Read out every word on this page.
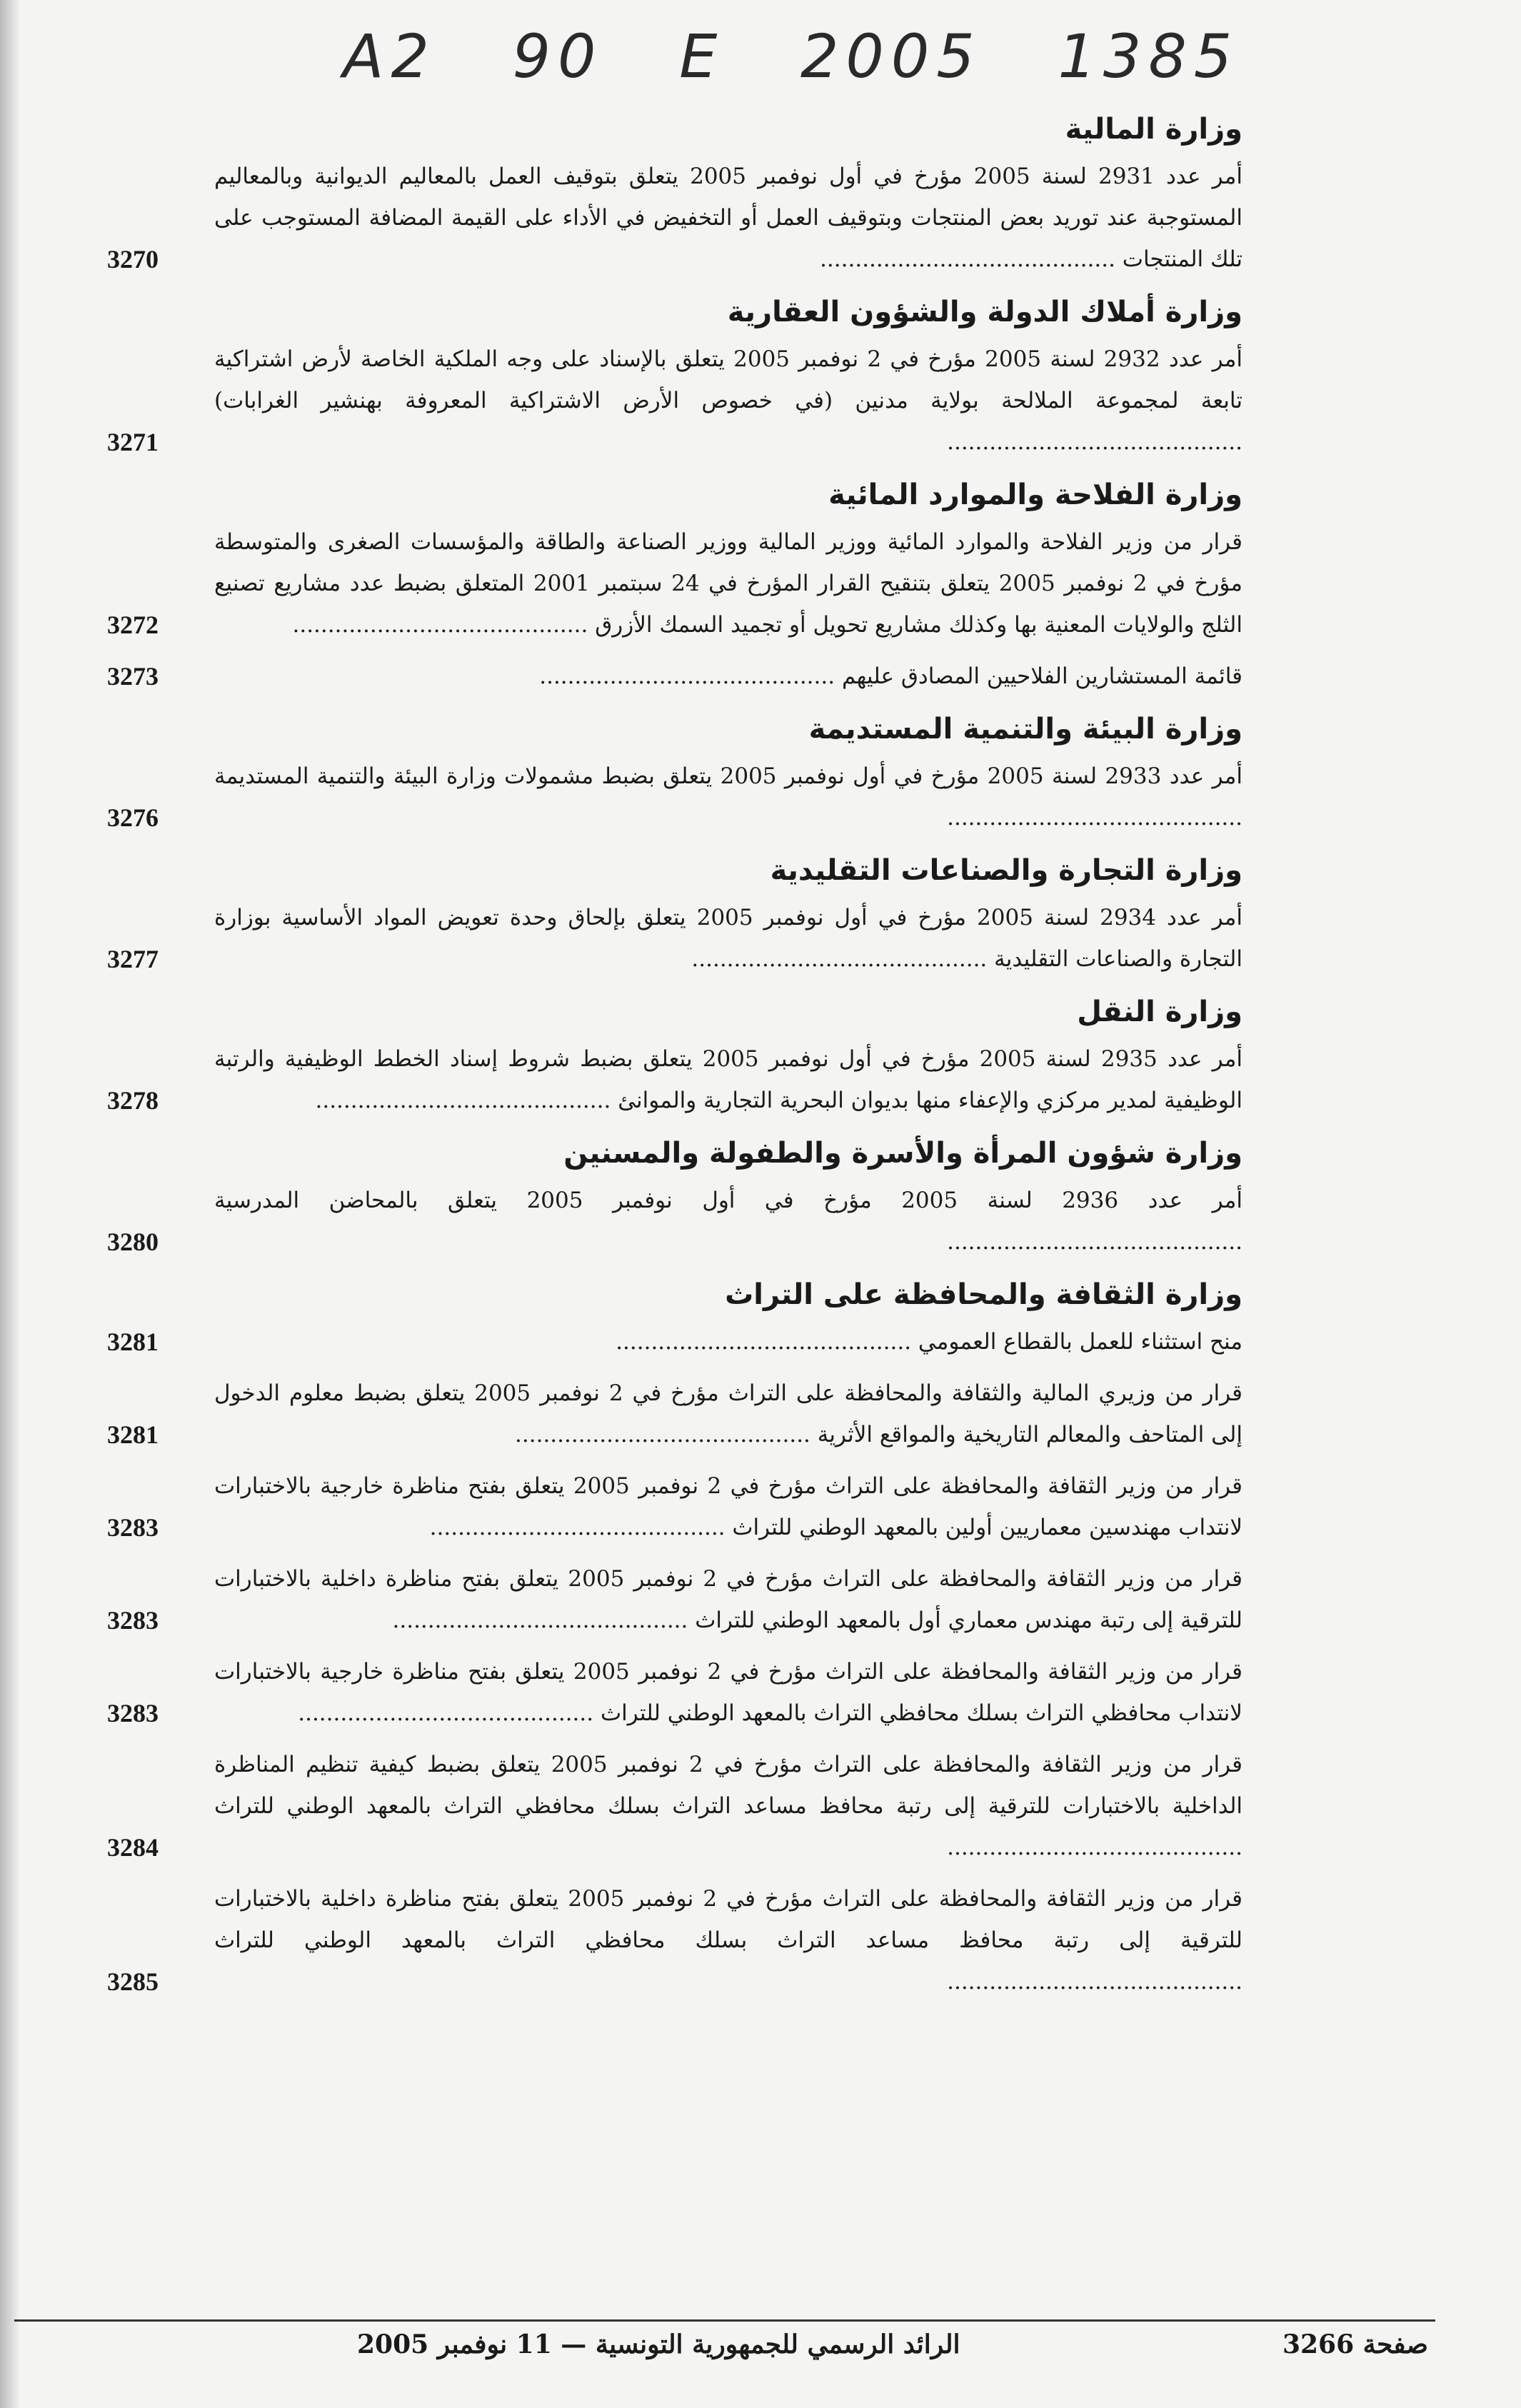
A2 90 E 2005 1385
وزارة المالية
3270
أمر عدد 2931 لسنة 2005 مؤرخ في أول نوفمبر 2005 يتعلق بتوقيف العمل بالمعاليم الديوانية وبالمعاليم المستوجبة عند توريد بعض المنتجات وبتوقيف العمل أو التخفيض في الأداء على القيمة المضافة المستوجب على تلك المنتجات ..........................................
وزارة أملاك الدولة والشؤون العقارية
3271
أمر عدد 2932 لسنة 2005 مؤرخ في 2 نوفمبر 2005 يتعلق بالإسناد على وجه الملكية الخاصة لأرض اشتراكية تابعة لمجموعة الملالحة بولاية مدنين (في خصوص الأرض الاشتراكية المعروفة بهنشير الغرابات) ..........................................
وزارة الفلاحة والموارد المائية
3272
قرار من وزير الفلاحة والموارد المائية ووزير المالية ووزير الصناعة والطاقة والمؤسسات الصغرى والمتوسطة مؤرخ في 2 نوفمبر 2005 يتعلق بتنقيح القرار المؤرخ في 24 سبتمبر 2001 المتعلق بضبط عدد مشاريع تصنيع الثلج والولايات المعنية بها وكذلك مشاريع تحويل أو تجميد السمك الأزرق ..........................................
3273	قائمة المستشارين الفلاحيين المصادق عليهم ..........................................
وزارة البيئة والتنمية المستديمة
3276
أمر عدد 2933 لسنة 2005 مؤرخ في أول نوفمبر 2005 يتعلق بضبط مشمولات وزارة البيئة والتنمية المستديمة ..........................................
وزارة التجارة والصناعات التقليدية
3277
أمر عدد 2934 لسنة 2005 مؤرخ في أول نوفمبر 2005 يتعلق بإلحاق وحدة تعويض المواد الأساسية بوزارة التجارة والصناعات التقليدية ..........................................
وزارة النقل
3278
أمر عدد 2935 لسنة 2005 مؤرخ في أول نوفمبر 2005 يتعلق بضبط شروط إسناد الخطط الوظيفية والرتبة الوظيفية لمدير مركزي والإعفاء منها بديوان البحرية التجارية والموانئ ..........................................
وزارة شؤون المرأة والأسرة والطفولة والمسنين
3280
أمر عدد 2936 لسنة 2005 مؤرخ في أول نوفمبر 2005 يتعلق بالمحاضن المدرسية ..........................................
وزارة الثقافة والمحافظة على التراث
3281	منح استثناء للعمل بالقطاع العمومي ..........................................
3281
قرار من وزيري المالية والثقافة والمحافظة على التراث مؤرخ في 2 نوفمبر 2005 يتعلق بضبط معلوم الدخول إلى المتاحف والمعالم التاريخية والمواقع الأثرية ..........................................
3283
قرار من وزير الثقافة والمحافظة على التراث مؤرخ في 2 نوفمبر 2005 يتعلق بفتح مناظرة خارجية بالاختبارات لانتداب مهندسين معماريين أولين بالمعهد الوطني للتراث ..........................................
3283
قرار من وزير الثقافة والمحافظة على التراث مؤرخ في 2 نوفمبر 2005 يتعلق بفتح مناظرة داخلية بالاختبارات للترقية إلى رتبة مهندس معماري أول بالمعهد الوطني للتراث ..........................................
3283
قرار من وزير الثقافة والمحافظة على التراث مؤرخ في 2 نوفمبر 2005 يتعلق بفتح مناظرة خارجية بالاختبارات لانتداب محافظي التراث بسلك محافظي التراث بالمعهد الوطني للتراث ..........................................
3284
قرار من وزير الثقافة والمحافظة على التراث مؤرخ في 2 نوفمبر 2005 يتعلق بضبط كيفية تنظيم المناظرة الداخلية بالاختبارات للترقية إلى رتبة محافظ مساعد التراث بسلك محافظي التراث بالمعهد الوطني للتراث ..........................................
3285
قرار من وزير الثقافة والمحافظة على التراث مؤرخ في 2 نوفمبر 2005 يتعلق بفتح مناظرة داخلية بالاختبارات للترقية إلى رتبة محافظ مساعد التراث بسلك محافظي التراث بالمعهد الوطني للتراث ..........................................
صفحة 3266
الرائد الرسمي للجمهورية التونسية — 11 نوفمبر 2005
